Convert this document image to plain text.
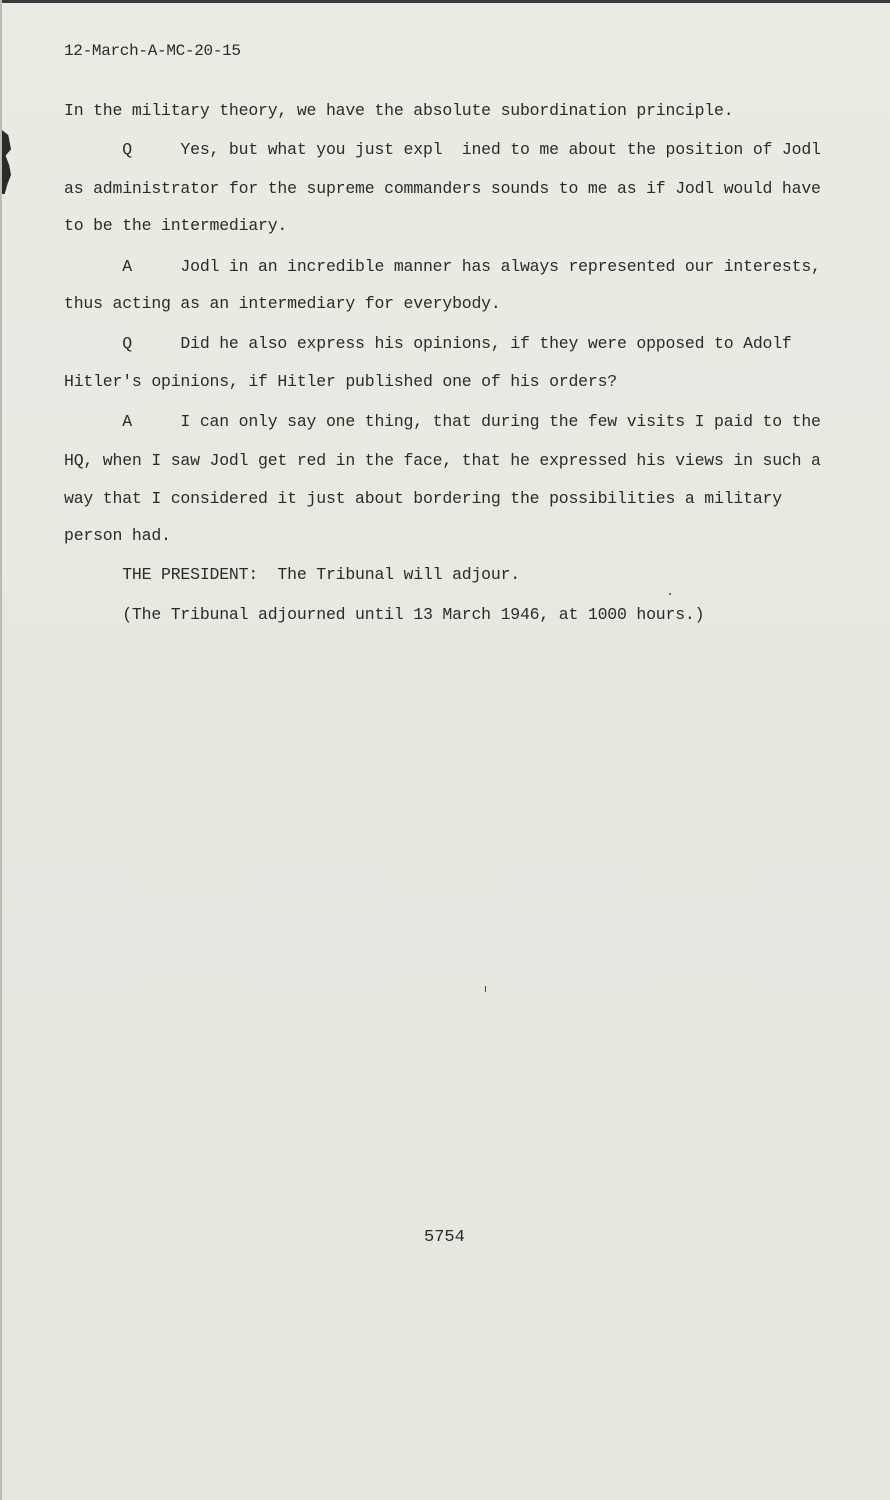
12-March-A-MC-20-15
In the military theory, we have the absolute subordination principle.
Q     Yes, but what you just expl  ined to me about the position of Jodl
as administrator for the supreme commanders sounds to me as if Jodl would have
to be the intermediary.
A     Jodl in an incredible manner has always represented our interests,
thus acting as an intermediary for everybody.
Q     Did he also express his opinions, if they were opposed to Adolf
Hitler's opinions, if Hitler published one of his orders?
A     I can only say one thing, that during the few visits I paid to the
HQ, when I saw Jodl get red in the face, that he expressed his views in such a
way that I considered it just about bordering the possibilities a military
person had.
THE PRESIDENT:  The Tribunal will adjour.
(The Tribunal adjourned until 13 March 1946, at 1000 hours.)
5754
